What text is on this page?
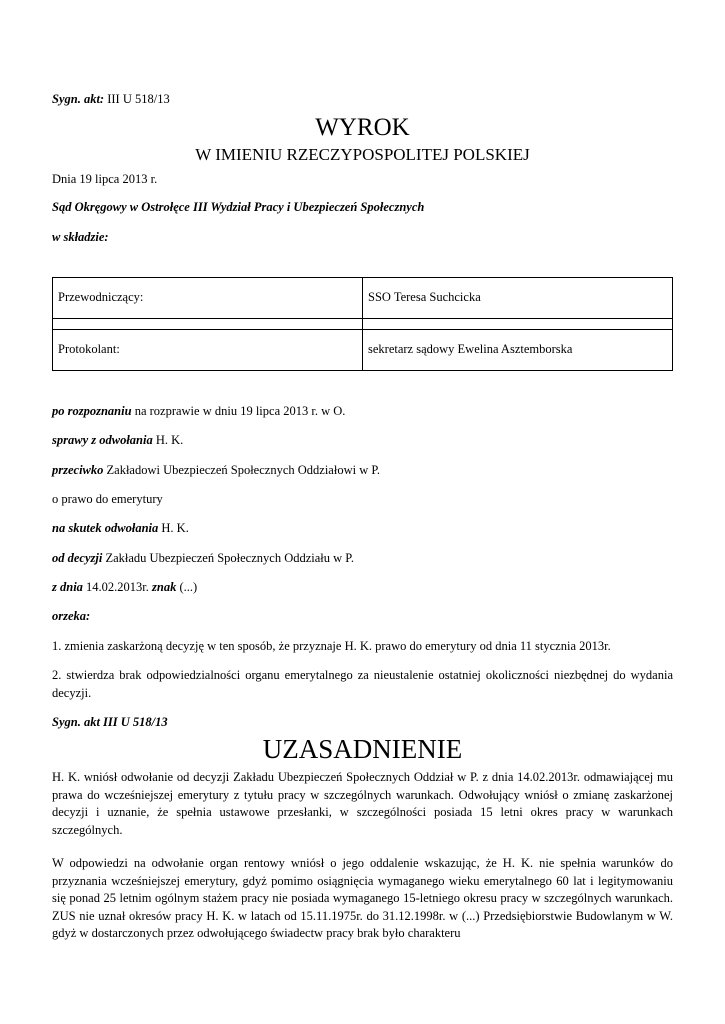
Sygn. akt: III U 518/13
WYROK
W IMIENIU RZECZYPOSPOLITEJ POLSKIEJ
Dnia 19 lipca 2013 r.
Sąd Okręgowy w Ostrołęce III Wydział Pracy i Ubezpieczeń Społecznych
w składzie:
Przewodniczący:	SSO Teresa Suchcicka

Protokolant:	sekretarz sądowy Ewelina Asztemborska
po rozpoznaniu na rozprawie w dniu 19 lipca 2013 r. w O.
sprawy z odwołania H. K.
przeciwko Zakładowi Ubezpieczeń Społecznych Oddziałowi w P.
o prawo do emerytury
na skutek odwołania H. K.
od decyzji Zakładu Ubezpieczeń Społecznych Oddziału w P.
z dnia 14.02.2013r. znak (...)
orzeka:
1. zmienia zaskarżoną decyzję w ten sposób, że przyznaje H. K. prawo do emerytury od dnia 11 stycznia 2013r.
2. stwierdza brak odpowiedzialności organu emerytalnego za nieustalenie ostatniej okoliczności niezbędnej do wydania decyzji.
Sygn. akt III U 518/13
UZASADNIENIE
H. K. wniósł odwołanie od decyzji Zakładu Ubezpieczeń Społecznych Oddział w P. z dnia 14.02.2013r. odmawiającej mu prawa do wcześniejszej emerytury z tytułu pracy w szczególnych warunkach. Odwołujący wniósł o zmianę zaskarżonej decyzji i uznanie, że spełnia ustawowe przesłanki, w szczególności posiada 15 letni okres pracy w warunkach szczególnych.
W odpowiedzi na odwołanie organ rentowy wniósł o jego oddalenie wskazując, że H. K. nie spełnia warunków do przyznania wcześniejszej emerytury, gdyż pomimo osiągnięcia wymaganego wieku emerytalnego 60 lat i legitymowaniu się ponad 25 letnim ogólnym stażem pracy nie posiada wymaganego 15-letniego okresu pracy w szczególnych warunkach. ZUS nie uznał okresów pracy H. K. w latach od 15.11.1975r. do 31.12.1998r. w (...) Przedsiębiorstwie Budowlanym w W. gdyż w dostarczonych przez odwołującego świadectw pracy brak było charakteru
